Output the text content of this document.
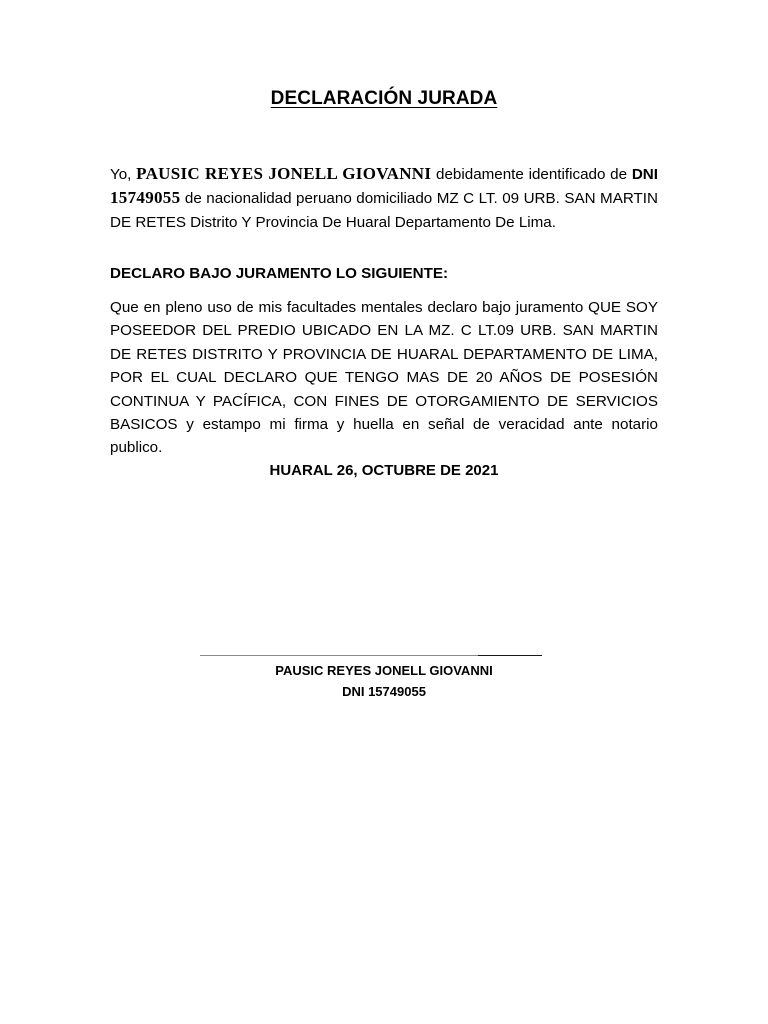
DECLARACIÓN JURADA
Yo, PAUSIC REYES JONELL GIOVANNI debidamente identificado de DNI 15749055 de nacionalidad peruano domiciliado MZ C LT. 09 URB. SAN MARTIN DE RETES Distrito Y Provincia De Huaral Departamento De Lima.
DECLARO BAJO JURAMENTO LO SIGUIENTE:
Que en pleno uso de mis facultades mentales declaro bajo juramento QUE SOY POSEEDOR DEL PREDIO UBICADO EN LA MZ. C LT.09 URB. SAN MARTIN DE RETES DISTRITO Y PROVINCIA DE HUARAL DEPARTAMENTO DE LIMA, POR EL CUAL DECLARO QUE TENGO MAS DE 20 AÑOS DE POSESIÓN CONTINUA Y PACÍFICA, CON FINES DE OTORGAMIENTO DE SERVICIOS BASICOS y estampo mi firma y huella en señal de veracidad ante notario publico.
HUARAL 26, OCTUBRE DE 2021
PAUSIC REYES JONELL GIOVANNI
DNI 15749055
